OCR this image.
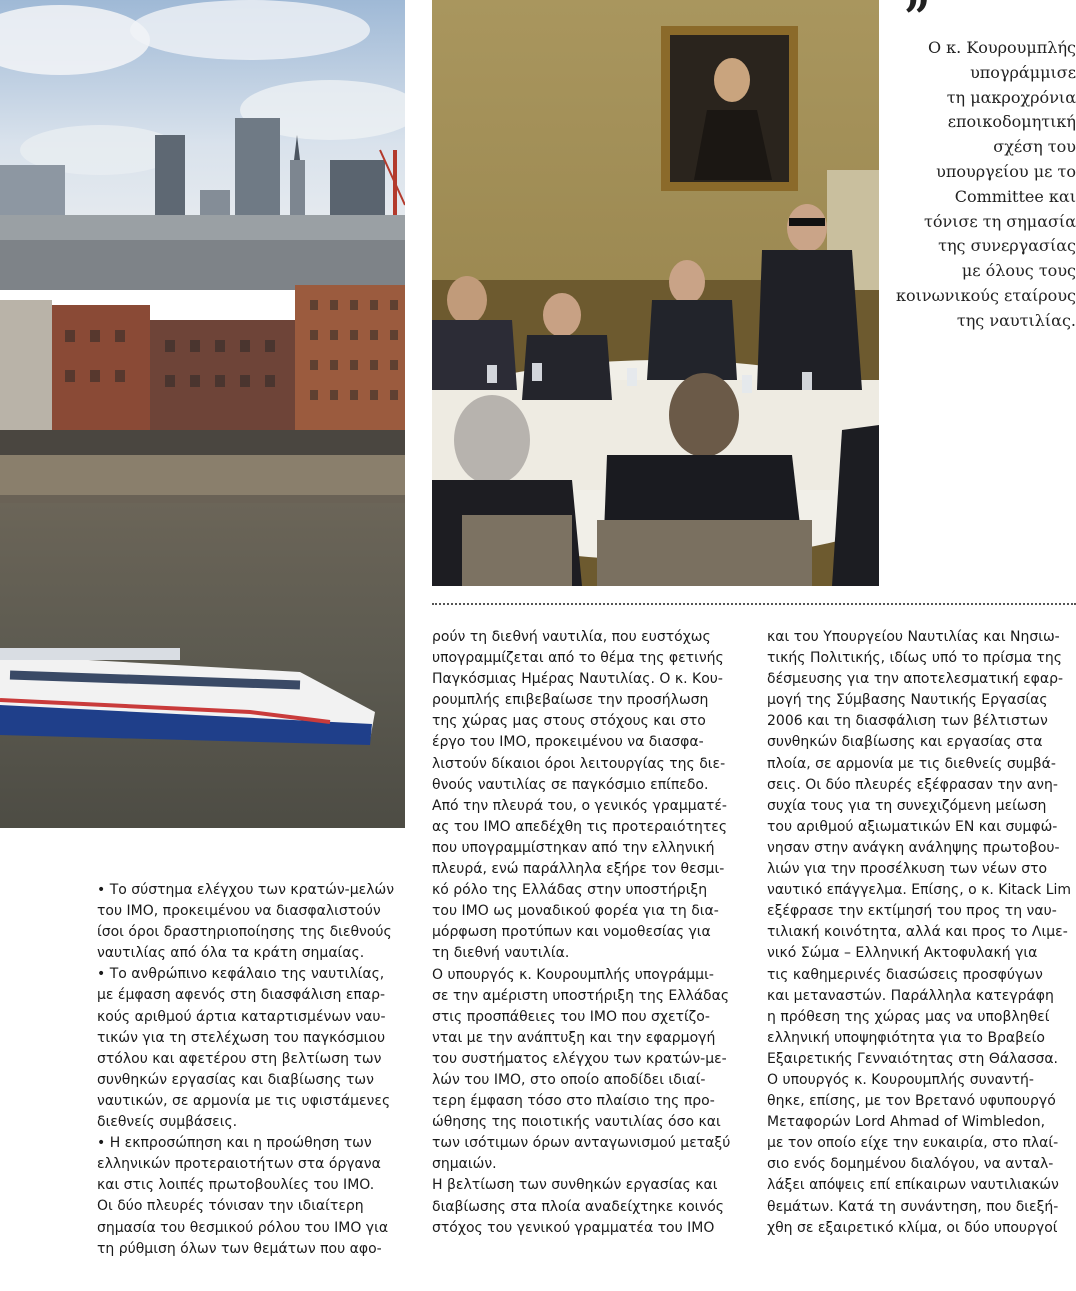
”
Ο κ. Κουρουμπλής
υπογράμμισε
τη μακροχρόνια
εποικοδομητική
σχέση του
υπουργείου με το
Committee και
τόνισε τη σημασία
της συνεργασίας
με όλους τους
κοινωνικούς εταίρους
της ναυτιλίας.
• Το σύστημα ελέγχου των κρατών-μελών
του IMO, προκειμένου να διασφαλιστούν
ίσοι όροι δραστηριοποίησης της διεθνούς
ναυτιλίας από όλα τα κράτη σημαίας.
• Το ανθρώπινο κεφάλαιο της ναυτιλίας,
με έμφαση αφενός στη διασφάλιση επαρ-
κούς αριθμού άρτια καταρτισμένων ναυ-
τικών για τη στελέχωση του παγκόσμιου
στόλου και αφετέρου στη βελτίωση των
συνθηκών εργασίας και διαβίωσης των
ναυτικών, σε αρμονία με τις υφιστάμενες
διεθνείς συμβάσεις.
• Η εκπροσώπηση και η προώθηση των
ελληνικών προτεραιοτήτων στα όργανα
και στις λοιπές πρωτοβουλίες του IMO.
Οι δύο πλευρές τόνισαν την ιδιαίτερη
σημασία του θεσμικού ρόλου του IMO για
τη ρύθμιση όλων των θεμάτων που αφο-
ρούν τη διεθνή ναυτιλία, που ευστόχως
υπογραμμίζεται από το θέμα της φετινής
Παγκόσμιας Ημέρας Ναυτιλίας. Ο κ. Κου-
ρουμπλής επιβεβαίωσε την προσήλωση
της χώρας μας στους στόχους και στο
έργο του IMO, προκειμένου να διασφα-
λιστούν δίκαιοι όροι λειτουργίας της διε-
θνούς ναυτιλίας σε παγκόσμιο επίπεδο.
Από την πλευρά του, ο γενικός γραμματέ-
ας του IMO απεδέχθη τις προτεραιότητες
που υπογραμμίστηκαν από την ελληνική
πλευρά, ενώ παράλληλα εξήρε τον θεσμι-
κό ρόλο της Ελλάδας στην υποστήριξη
του IMO ως μοναδικού φορέα για τη δια-
μόρφωση προτύπων και νομοθεσίας για
τη διεθνή ναυτιλία.
Ο υπουργός κ. Κουρουμπλής υπογράμμι-
σε την αμέριστη υποστήριξη της Ελλάδας
στις προσπάθειες του IMO που σχετίζο-
νται με την ανάπτυξη και την εφαρμογή
του συστήματος ελέγχου των κρατών-με-
λών του IMO, στο οποίο αποδίδει ιδιαί-
τερη έμφαση τόσο στο πλαίσιο της προ-
ώθησης της ποιοτικής ναυτιλίας όσο και
των ισότιμων όρων ανταγωνισμού μεταξύ
σημαιών.
Η βελτίωση των συνθηκών εργασίας και
διαβίωσης στα πλοία αναδείχτηκε κοινός
στόχος του γενικού γραμματέα του IMO
και του Υπουργείου Ναυτιλίας και Νησιω-
τικής Πολιτικής, ιδίως υπό το πρίσμα της
δέσμευσης για την αποτελεσματική εφαρ-
μογή της Σύμβασης Ναυτικής Εργασίας
2006 και τη διασφάλιση των βέλτιστων
συνθηκών διαβίωσης και εργασίας στα
πλοία, σε αρμονία με τις διεθνείς συμβά-
σεις. Οι δύο πλευρές εξέφρασαν την ανη-
συχία τους για τη συνεχιζόμενη μείωση
του αριθμού αξιωματικών ΕΝ και συμφώ-
νησαν στην ανάγκη ανάληψης πρωτοβου-
λιών για την προσέλκυση των νέων στο
ναυτικό επάγγελμα. Επίσης, ο κ. Kitack Lim
εξέφρασε την εκτίμησή του προς τη ναυ-
τιλιακή κοινότητα, αλλά και προς το Λιμε-
νικό Σώμα – Ελληνική Ακτοφυλακή για
τις καθημερινές διασώσεις προσφύγων
και μεταναστών. Παράλληλα κατεγράφη
η πρόθεση της χώρας μας να υποβληθεί
ελληνική υποψηφιότητα για το Βραβείο
Εξαιρετικής Γενναιότητας στη Θάλασσα.
Ο υπουργός κ. Κουρουμπλής συναντή-
θηκε, επίσης, με τον Βρετανό υφυπουργό
Μεταφορών Lord Ahmad of Wimbledon,
με τον οποίο είχε την ευκαιρία, στο πλαί-
σιο ενός δομημένου διαλόγου, να ανταλ-
λάξει απόψεις επί επίκαιρων ναυτιλιακών
θεμάτων. Κατά τη συνάντηση, που διεξή-
χθη σε εξαιρετικό κλίμα, οι δύο υπουργοί
